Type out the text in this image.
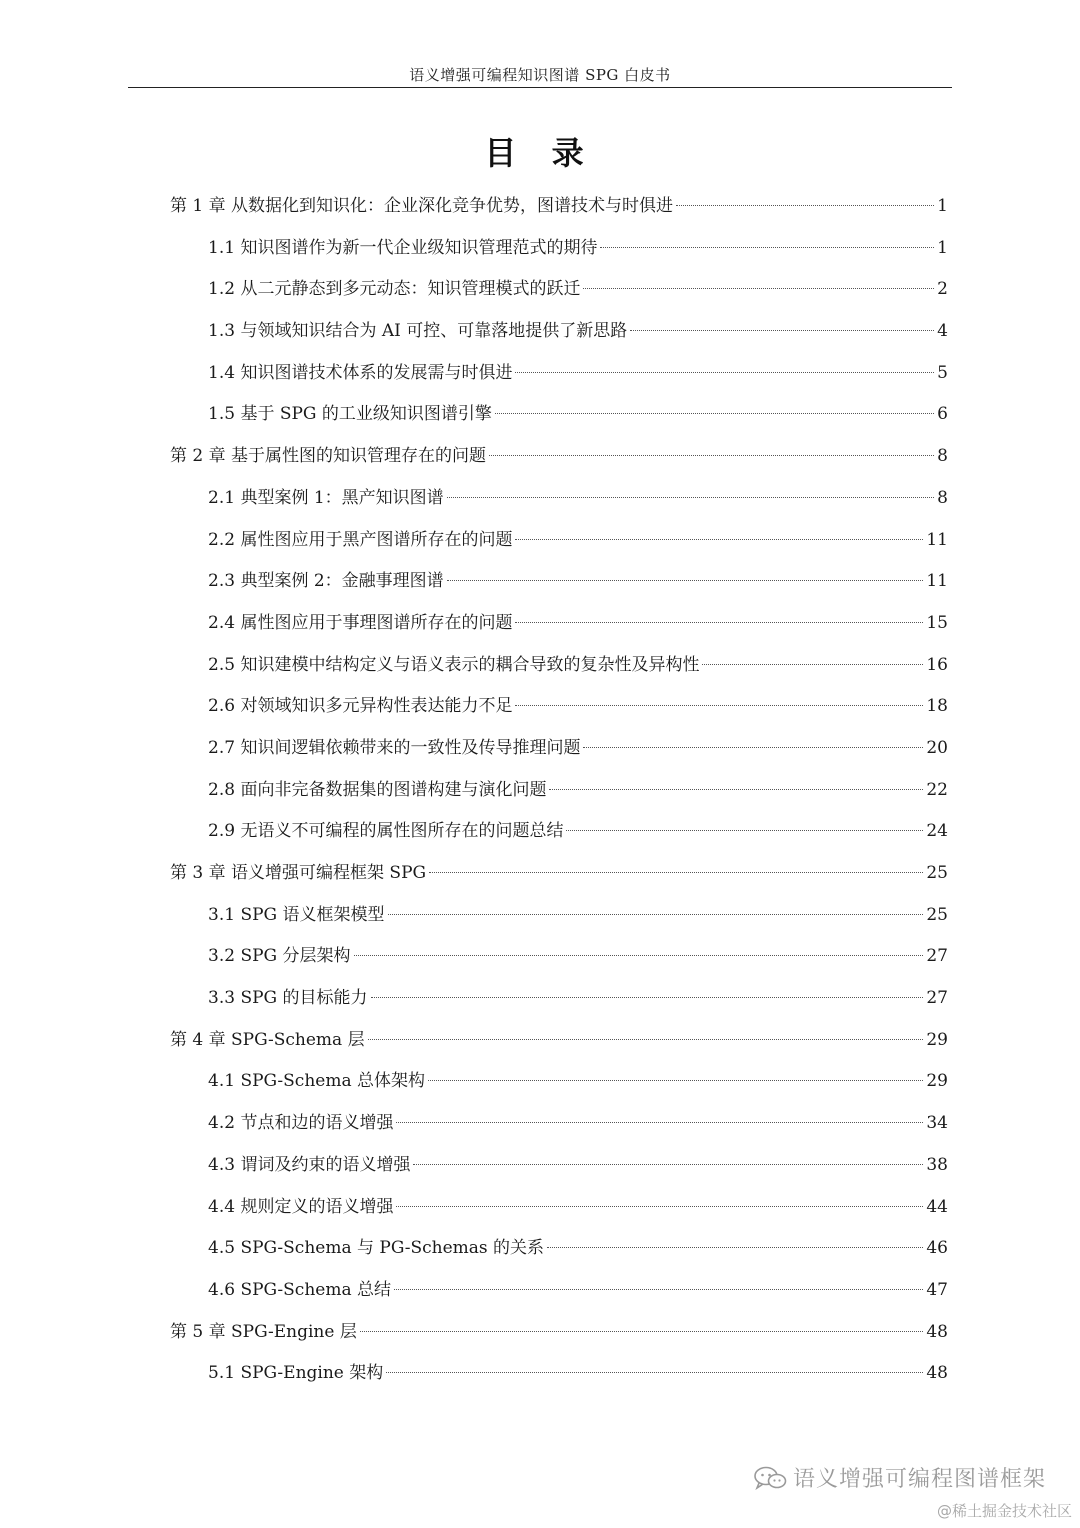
语义增强可编程知识图谱 SPG 白皮书
目 录
第 1 章 从数据化到知识化：企业深化竞争优势，图谱技术与时俱进	1
1.1 知识图谱作为新一代企业级知识管理范式的期待	1
1.2 从二元静态到多元动态：知识管理模式的跃迁	2
1.3 与领域知识结合为 AI 可控、可靠落地提供了新思路	4
1.4 知识图谱技术体系的发展需与时俱进	5
1.5 基于 SPG 的工业级知识图谱引擎	6
第 2 章 基于属性图的知识管理存在的问题	8
2.1 典型案例 1：黑产知识图谱	8
2.2 属性图应用于黑产图谱所存在的问题	11
2.3 典型案例 2：金融事理图谱	11
2.4 属性图应用于事理图谱所存在的问题	15
2.5 知识建模中结构定义与语义表示的耦合导致的复杂性及异构性	16
2.6 对领域知识多元异构性表达能力不足	18
2.7 知识间逻辑依赖带来的一致性及传导推理问题	20
2.8 面向非完备数据集的图谱构建与演化问题	22
2.9 无语义不可编程的属性图所存在的问题总结	24
第 3 章 语义增强可编程框架 SPG	25
3.1 SPG 语义框架模型	25
3.2 SPG 分层架构	27
3.3 SPG 的目标能力	27
第 4 章 SPG-Schema 层	29
4.1 SPG-Schema 总体架构	29
4.2 节点和边的语义增强	34
4.3 谓词及约束的语义增强	38
4.4 规则定义的语义增强	44
4.5 SPG-Schema 与 PG-Schemas 的关系	46
4.6 SPG-Schema 总结	47
第 5 章 SPG-Engine 层	48
5.1 SPG-Engine 架构	48
语义增强可编程图谱框架
@稀土掘金技术社区
